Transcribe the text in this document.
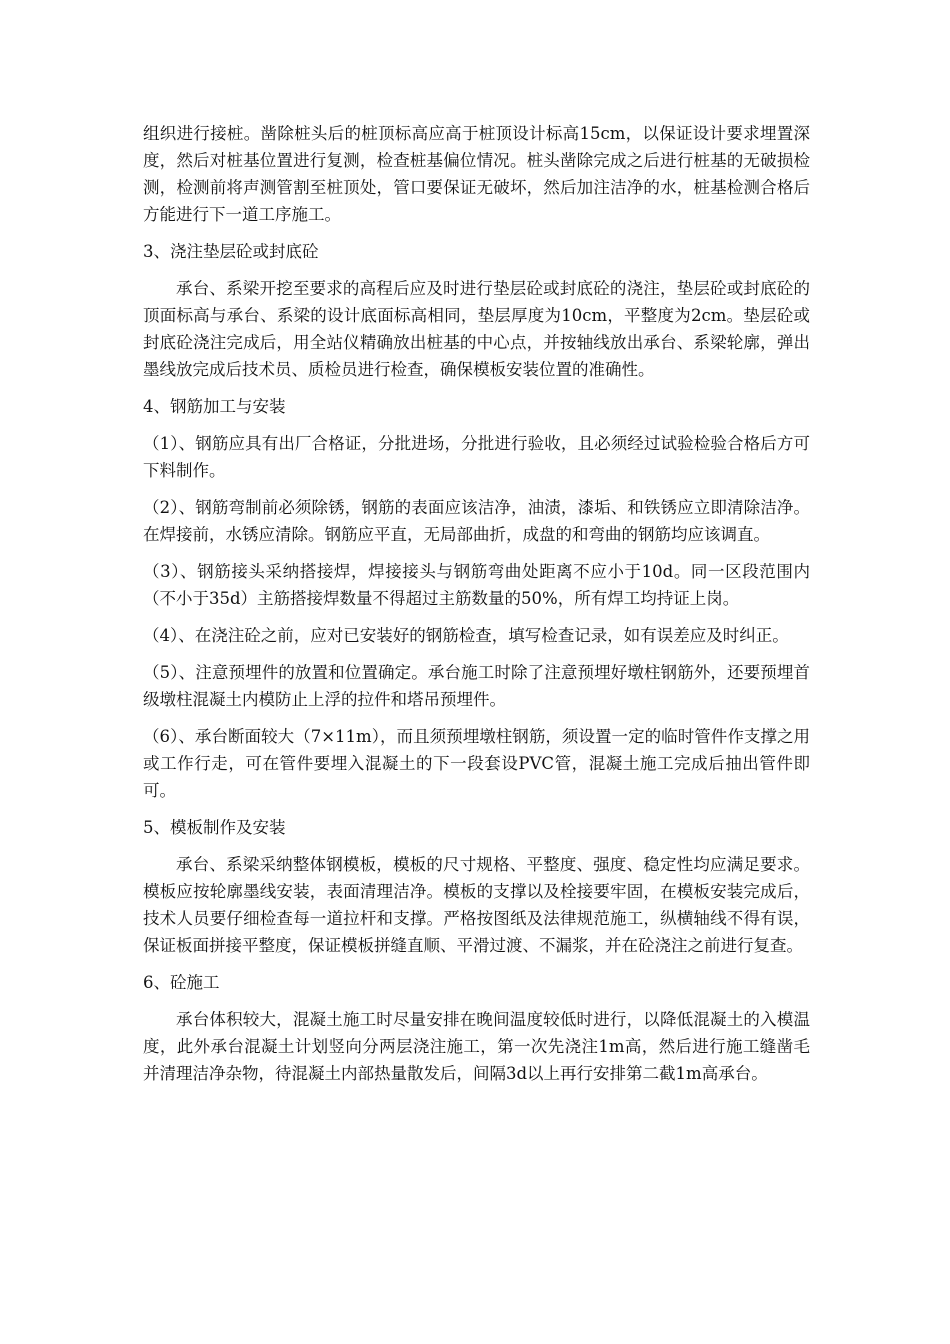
组织进行接桩。凿除桩头后的桩顶标高应高于桩顶设计标高15cm，以保证设计要求埋置深度，然后对桩基位置进行复测，检查桩基偏位情况。桩头凿除完成之后进行桩基的无破损检测，检测前将声测管割至桩顶处，管口要保证无破坏，然后加注洁净的水，桩基检测合格后方能进行下一道工序施工。

3、浇注垫层砼或封底砼

承台、系梁开挖至要求的高程后应及时进行垫层砼或封底砼的浇注，垫层砼或封底砼的顶面标高与承台、系梁的设计底面标高相同，垫层厚度为10cm，平整度为2cm。垫层砼或封底砼浇注完成后，用全站仪精确放出桩基的中心点，并按轴线放出承台、系梁轮廓，弹出墨线放完成后技术员、质检员进行检查，确保模板安装位置的准确性。

4、钢筋加工与安装

（1）、钢筋应具有出厂合格证，分批进场，分批进行验收，且必须经过试验检验合格后方可下料制作。

（2）、钢筋弯制前必须除锈，钢筋的表面应该洁净，油渍，漆垢、和铁锈应立即清除洁净。在焊接前，水锈应清除。钢筋应平直，无局部曲折，成盘的和弯曲的钢筋均应该调直。

（3）、钢筋接头采纳搭接焊，焊接接头与钢筋弯曲处距离不应小于10d。同一区段范围内（不小于35d）主筋搭接焊数量不得超过主筋数量的50%，所有焊工均持证上岗。

（4）、在浇注砼之前，应对已安装好的钢筋检查，填写检查记录，如有误差应及时纠正。

（5）、注意预埋件的放置和位置确定。承台施工时除了注意预埋好墩柱钢筋外，还要预埋首级墩柱混凝土内模防止上浮的拉件和塔吊预埋件。

（6）、承台断面较大（7×11m），而且须预埋墩柱钢筋，须设置一定的临时管件作支撑之用或工作行走，可在管件要埋入混凝土的下一段套设PVC管，混凝土施工完成后抽出管件即可。

5、模板制作及安装

承台、系梁采纳整体钢模板，模板的尺寸规格、平整度、强度、稳定性均应满足要求。模板应按轮廓墨线安装，表面清理洁净。模板的支撑以及栓接要牢固，在模板安装完成后，技术人员要仔细检查每一道拉杆和支撑。严格按图纸及法律规范施工，纵横轴线不得有误，保证板面拼接平整度，保证模板拼缝直顺、平滑过渡、不漏浆，并在砼浇注之前进行复查。

6、砼施工

承台体积较大，混凝土施工时尽量安排在晚间温度较低时进行，以降低混凝土的入模温度，此外承台混凝土计划竖向分两层浇注施工，第一次先浇注1m高，然后进行施工缝凿毛并清理洁净杂物，待混凝土内部热量散发后，间隔3d以上再行安排第二截1m高承台。
